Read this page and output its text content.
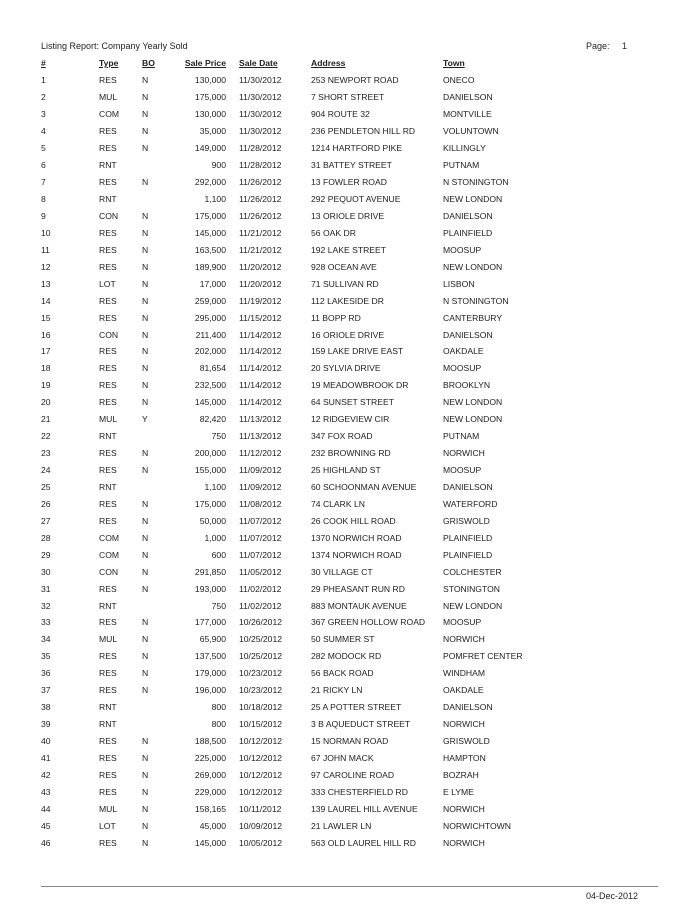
Listing Report: Company Yearly Sold	Page: 1
#	Type	BO	Sale Price		Sale Date	Address	Town
1	RES	N	130,000		11/30/2012	253 NEWPORT ROAD	ONECO
2	MUL	N	175,000		11/30/2012	7 SHORT STREET	DANIELSON
3	COM	N	130,000		11/30/2012	904 ROUTE 32	MONTVILLE
4	RES	N	35,000		11/30/2012	236 PENDLETON HILL RD	VOLUNTOWN
5	RES	N	149,000		11/28/2012	1214 HARTFORD PIKE	KILLINGLY
6	RNT		900		11/28/2012	31 BATTEY STREET	PUTNAM
7	RES	N	292,000		11/26/2012	13 FOWLER ROAD	N STONINGTON
8	RNT		1,100		11/26/2012	292 PEQUOT AVENUE	NEW LONDON
9	CON	N	175,000		11/26/2012	13 ORIOLE DRIVE	DANIELSON
10	RES	N	145,000		11/21/2012	56 OAK DR	PLAINFIELD
11	RES	N	163,500		11/21/2012	192 LAKE STREET	MOOSUP
12	RES	N	189,900		11/20/2012	928 OCEAN AVE	NEW LONDON
13	LOT	N	17,000		11/20/2012	71 SULLIVAN RD	LISBON
14	RES	N	259,000		11/19/2012	112 LAKESIDE DR	N STONINGTON
15	RES	N	295,000		11/15/2012	11 BOPP RD	CANTERBURY
16	CON	N	211,400		11/14/2012	16 ORIOLE DRIVE	DANIELSON
17	RES	N	202,000		11/14/2012	159 LAKE DRIVE EAST	OAKDALE
18	RES	N	81,654		11/14/2012	20 SYLVIA DRIVE	MOOSUP
19	RES	N	232,500		11/14/2012	19 MEADOWBROOK DR	BROOKLYN
20	RES	N	145,000		11/14/2012	64 SUNSET STREET	NEW LONDON
21	MUL	Y	82,420		11/13/2012	12 RIDGEVIEW CIR	NEW LONDON
22	RNT		750		11/13/2012	347 FOX ROAD	PUTNAM
23	RES	N	200,000		11/12/2012	232 BROWNING RD	NORWICH
24	RES	N	155,000		11/09/2012	25 HIGHLAND ST	MOOSUP
25	RNT		1,100		11/09/2012	60 SCHOONMAN AVENUE	DANIELSON
26	RES	N	175,000		11/08/2012	74 CLARK LN	WATERFORD
27	RES	N	50,000		11/07/2012	26 COOK HILL ROAD	GRISWOLD
28	COM	N	1,000		11/07/2012	1370 NORWICH ROAD	PLAINFIELD
29	COM	N	600		11/07/2012	1374 NORWICH ROAD	PLAINFIELD
30	CON	N	291,850		11/05/2012	30 VILLAGE CT	COLCHESTER
31	RES	N	193,000		11/02/2012	29 PHEASANT RUN RD	STONINGTON
32	RNT		750		11/02/2012	883 MONTAUK AVENUE	NEW LONDON
33	RES	N	177,000		10/26/2012	367 GREEN HOLLOW ROAD	MOOSUP
34	MUL	N	65,900		10/25/2012	50 SUMMER ST	NORWICH
35	RES	N	137,500		10/25/2012	282 MODOCK RD	POMFRET CENTER
36	RES	N	179,000		10/23/2012	56 BACK ROAD	WINDHAM
37	RES	N	196,000		10/23/2012	21 RICKY LN	OAKDALE
38	RNT		800		10/18/2012	25 A POTTER STREET	DANIELSON
39	RNT		800		10/15/2012	3 B AQUEDUCT STREET	NORWICH
40	RES	N	188,500		10/12/2012	15 NORMAN ROAD	GRISWOLD
41	RES	N	225,000		10/12/2012	67 JOHN MACK	HAMPTON
42	RES	N	269,000		10/12/2012	97 CAROLINE ROAD	BOZRAH
43	RES	N	229,000		10/12/2012	333 CHESTERFIELD RD	E LYME
44	MUL	N	158,165		10/11/2012	139 LAUREL HILL AVENUE	NORWICH
45	LOT	N	45,000		10/09/2012	21 LAWLER LN	NORWICHTOWN
46	RES	N	145,000		10/05/2012	563 OLD LAUREL HILL RD	NORWICH
04-Dec-2012
